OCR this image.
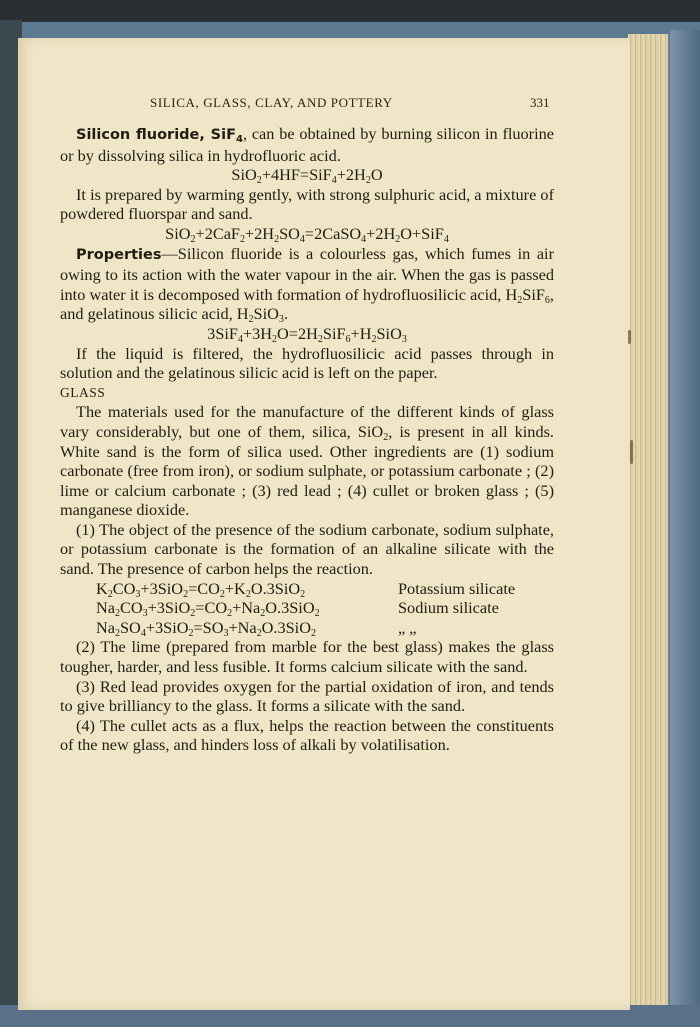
SILICA, GLASS, CLAY, AND POTTERY	331

Silicon fluoride, SiF$_4$, can be obtained by burning silicon in fluorine or by dissolving silica in hydrofluoric acid.

$SiO_2+4HF=SiF_4+2H_2O$

It is prepared by warming gently, with strong sulphuric acid, a mixture of powdered fluorspar and sand.

$SiO_2+2CaF_2+2H_2SO_4=2CaSO_4+2H_2O+SiF_4$

Properties—Silicon fluoride is a colourless gas, which fumes in air owing to its action with the water vapour in the air. When the gas is passed into water it is decomposed with formation of hydrofluosilicic acid, $H_2SiF_6$, and gelatinous silicic acid, $H_2SiO_3$.

$3SiF_4+3H_2O=2H_2SiF_6+H_2SiO_3$

If the liquid is filtered, the hydrofluosilicic acid passes through in solution and the gelatinous silicic acid is left on the paper.

GLASS

The materials used for the manufacture of the different kinds of glass vary considerably, but one of them, silica, SiO$_2$, is present in all kinds. White sand is the form of silica used. Other ingredients are (1) sodium carbonate (free from iron), or sodium sulphate, or potassium carbonate ; (2) lime or calcium carbonate ; (3) red lead ; (4) cullet or broken glass ; (5) manganese dioxide.

(1) The object of the presence of the sodium carbonate, sodium sulphate, or potassium carbonate is the formation of an alkaline silicate with the sand. The presence of carbon helps the reaction.

$K_2CO_3+3SiO_2=CO_2+K_2O.3SiO_2$	Potassium silicate
$Na_2CO_3+3SiO_2=CO_2+Na_2O.3SiO_2$	Sodium silicate
$Na_2SO_4+3SiO_2=SO_3+Na_2O.3SiO_2$	„ „

(2) The lime (prepared from marble for the best glass) makes the glass tougher, harder, and less fusible. It forms calcium silicate with the sand.

(3) Red lead provides oxygen for the partial oxidation of iron, and tends to give brilliancy to the glass. It forms a silicate with the sand.

(4) The cullet acts as a flux, helps the reaction between the constituents of the new glass, and hinders loss of alkali by volatilisation.
